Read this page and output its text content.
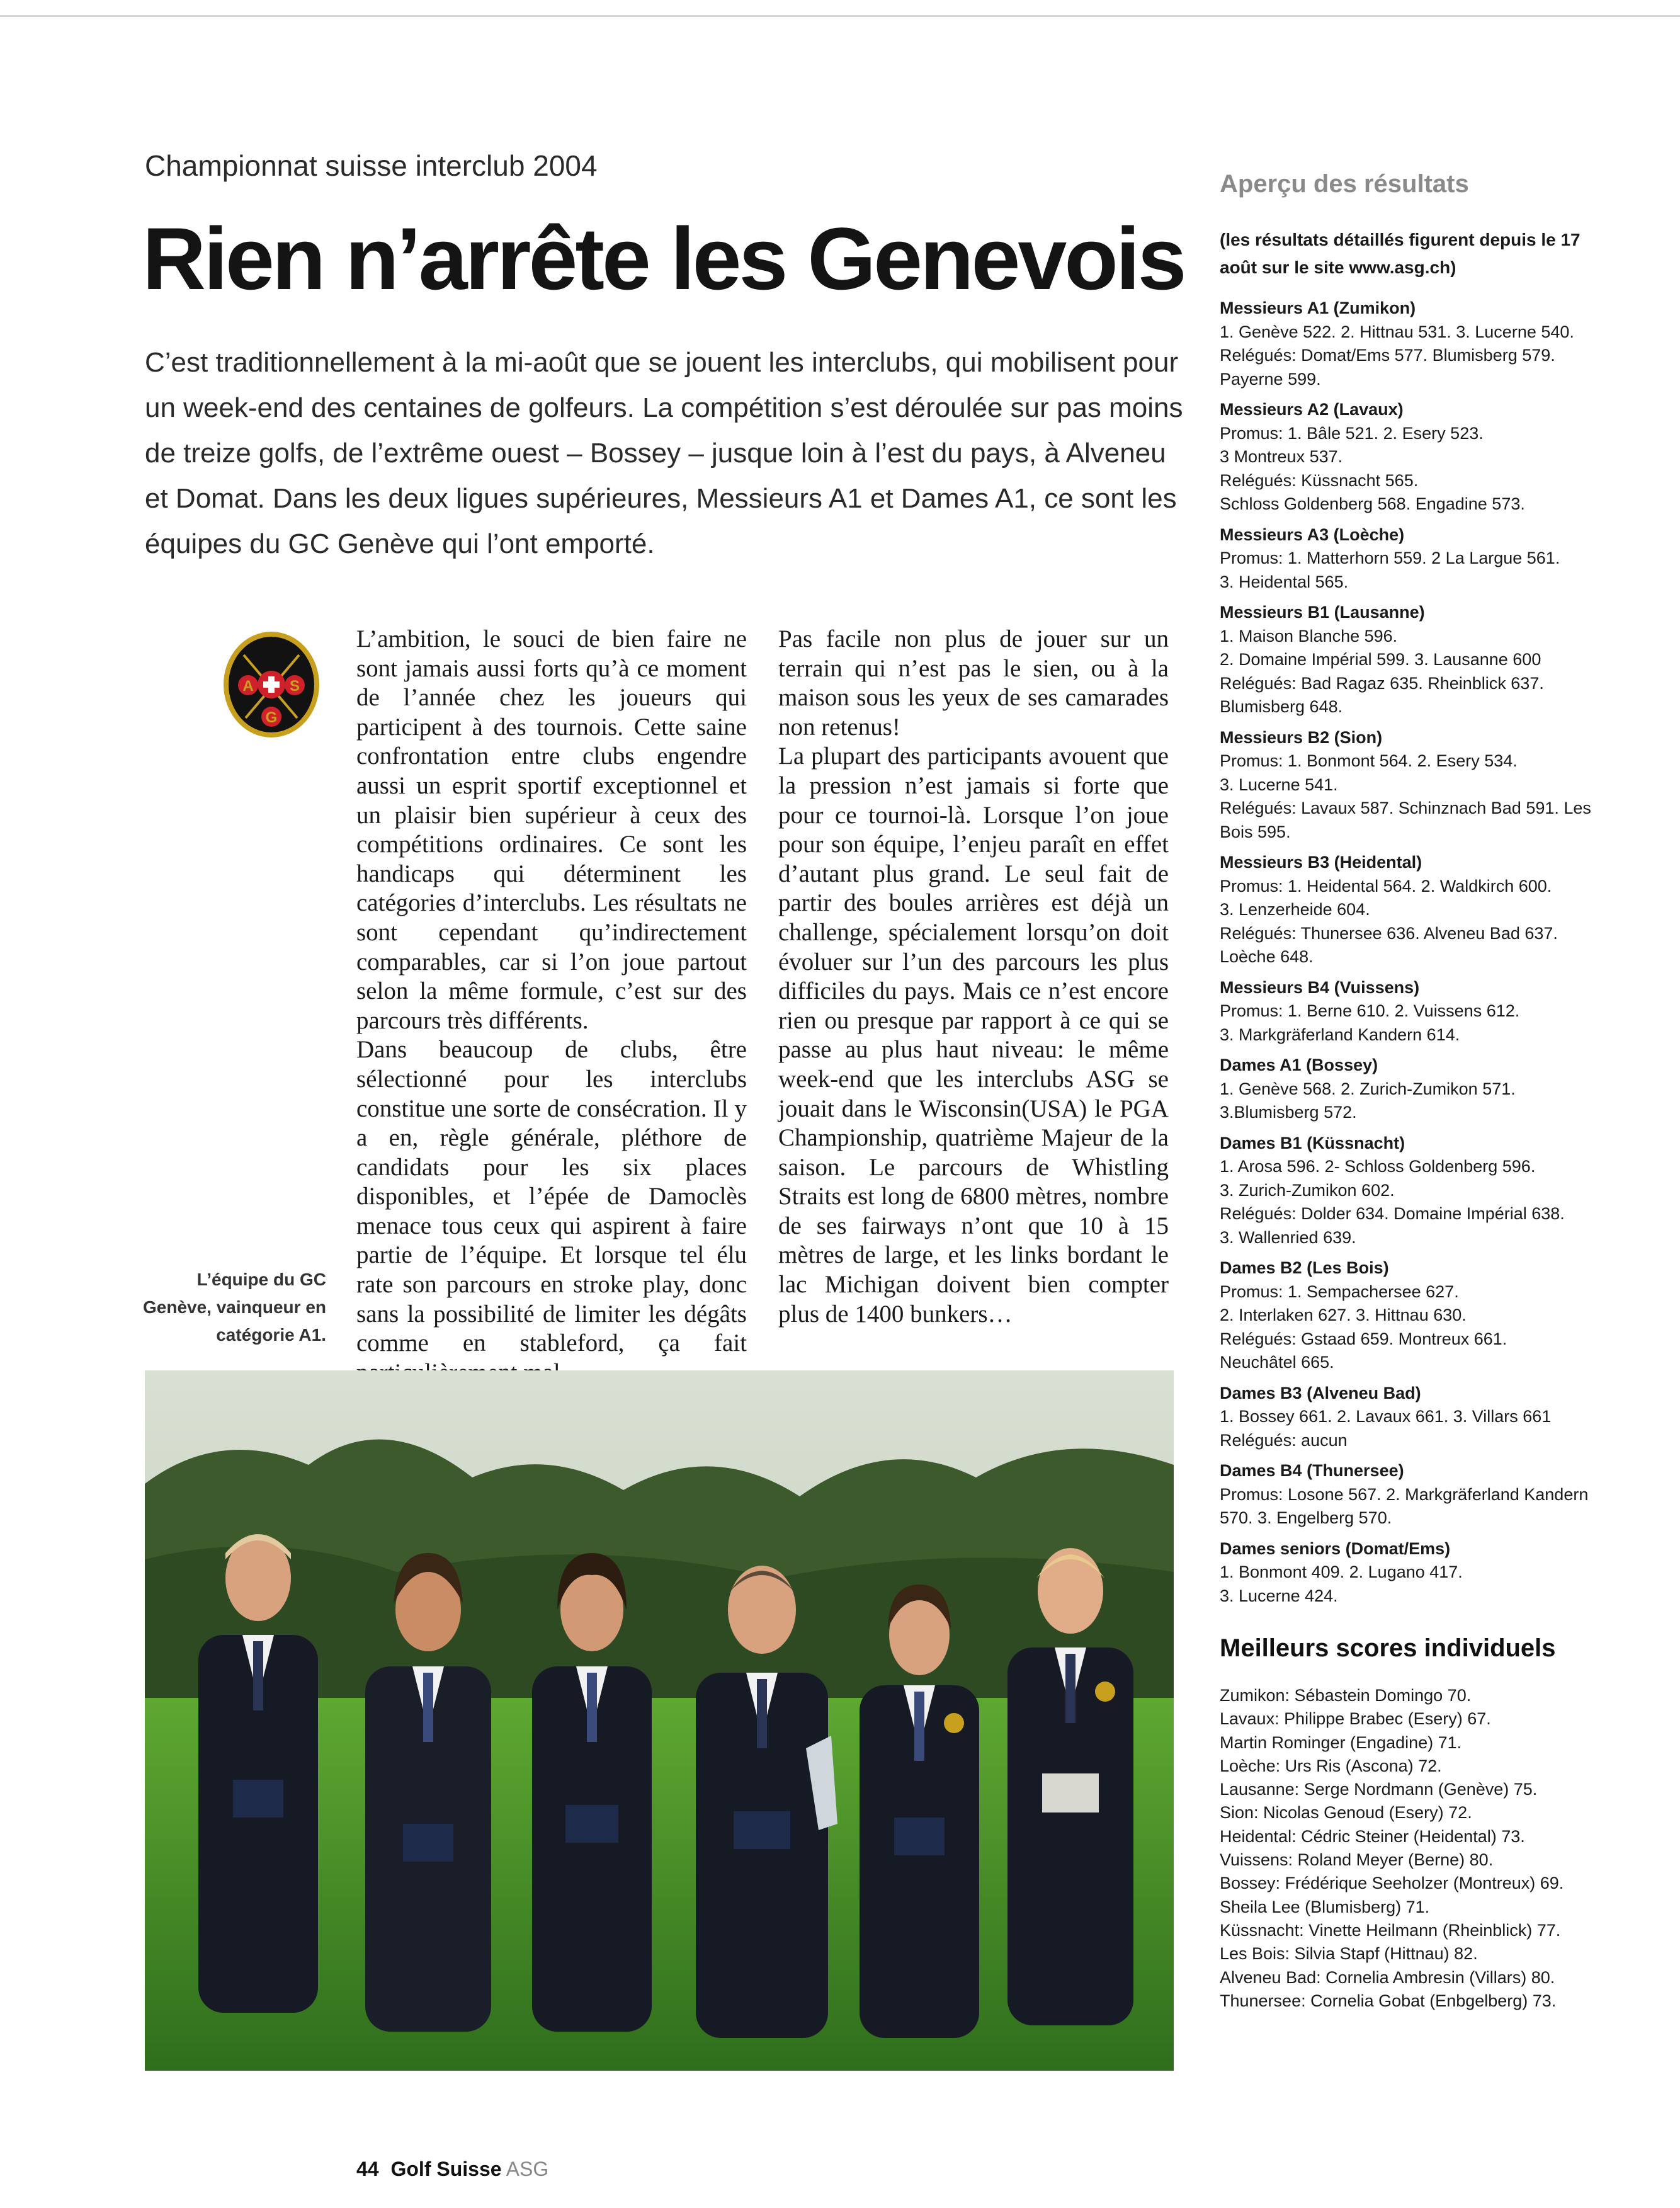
Championnat suisse interclub 2004
Rien n’arrête les Genevois
C’est traditionnellement à la mi-août que se jouent les interclubs, qui mobilisent pour un week-end des centaines de golfeurs. La compétition s’est déroulée sur pas moins de treize golfs, de l’extrême ouest – Bossey – jusque loin à l’est du pays, à Alveneu et Domat. Dans les deux ligues supérieures, Messieurs A1 et Dames A1, ce sont les équipes du GC Genève qui l’ont emporté.
A S
G
L’équipe du GC Genève, vainqueur en catégorie A1.

L’ambition, le souci de bien faire ne sont jamais aussi forts qu’à ce moment de l’année chez les joueurs qui participent à des tournois. Cette saine confrontation entre clubs engendre aussi un esprit sportif exceptionnel et un plaisir bien supérieur à ceux des compétitions ordinaires. Ce sont les handicaps qui déterminent les catégories d’interclubs. Les résultats ne sont cependant qu’indirectement comparables, car si l’on joue partout selon la même formule, c’est sur des parcours très différents.

Dans beaucoup de clubs, être sélectionné pour les interclubs constitue une sorte de consécration. Il y a en, règle générale, pléthore de candidats pour les six places disponibles, et l’épée de Damoclès menace tous ceux qui aspirent à faire partie de l’équipe. Et lorsque tel élu rate son parcours en stroke play, donc sans la possibilité de limiter les dégâts comme en stableford, ça fait

Pas facile non plus de jouer sur un terrain qui n’est pas le sien, ou à la maison sous les yeux de ses camarades non retenus!

La plupart des participants avouent que la pression n’est jamais si forte que pour ce tournoi-là. Lorsque l’on joue pour son équipe, l’enjeu paraît en effet d’autant plus grand. Le seul fait de partir des boules arrières est déjà un challenge, spécialement lorsqu’on doit évoluer sur l’un des parcours les plus difficiles du pays. Mais ce n’est encore rien ou presque par rapport à ce qui se passe au plus haut niveau: le même week-end que les interclubs ASG se jouait dans le Wisconsin(USA) le PGA Championship, quatrième Majeur de la saison. Le parcours de Whistling Straits est long de 6800 mètres, nombre de ses fairways n’ont que 10 à 15 mètres de large, et les links bordant le lac Michigan doivent bien compter plus de 1400 bunkers…

Aperçu des résultats
(les résultats détaillés figurent depuis le 17 août sur le site www.asg.ch)
Messieurs A1 (Zumikon)
1. Genève 522. 2. Hittnau 531. 3. Lucerne 540.
Relégués: Domat/Ems 577. Blumisberg 579.
Payerne 599.
Messieurs A2 (Lavaux)
Promus: 1. Bâle 521. 2. Esery 523.
3 Montreux 537.
Relégués: Küssnacht 565.
Schloss Goldenberg 568. Engadine 573.
Messieurs A3 (Loèche)
Promus: 1. Matterhorn 559. 2 La Largue 561.
3. Heidental 565.
Messieurs B1 (Lausanne)
1. Maison Blanche 596.
2. Domaine Impérial 599. 3. Lausanne 600
Relégués: Bad Ragaz 635. Rheinblick 637.
Blumisberg 648.
Messieurs B2 (Sion)
Promus: 1. Bonmont 564. 2. Esery 534.
3. Lucerne 541.
Relégués: Lavaux 587. Schinznach Bad 591. Les
Bois 595.
Messieurs B3 (Heidental)
Promus: 1. Heidental 564. 2. Waldkirch 600.
3. Lenzerheide 604.
Relégués: Thunersee 636. Alveneu Bad 637.
Loèche 648.
Messieurs B4 (Vuissens)
Promus: 1. Berne 610. 2. Vuissens 612.
3. Markgräferland Kandern 614.
Dames A1 (Bossey)
1. Genève 568. 2. Zurich-Zumikon 571.
3.Blumisberg 572.
Dames B1 (Küssnacht)
1. Arosa 596. 2- Schloss Goldenberg 596.
3. Zurich-Zumikon 602.
Relégués: Dolder 634. Domaine Impérial 638.
3. Wallenried 639.
Dames B2 (Les Bois)
Promus: 1. Sempachersee 627.
2. Interlaken 627. 3. Hittnau 630.
Relégués: Gstaad 659. Montreux 661.
Neuchâtel 665.
Dames B3 (Alveneu Bad)
1. Bossey 661. 2. Lavaux 661. 3. Villars 661
Relégués: aucun
Dames B4 (Thunersee)
Promus: Losone 567. 2. Markgräferland Kandern
570. 3. Engelberg 570.
Dames seniors (Domat/Ems)
1. Bonmont 409. 2. Lugano 417.
3. Lucerne 424.
Meilleurs scores individuels
Zumikon: Sébastein Domingo 70.
Lavaux: Philippe Brabec (Esery) 67.
Martin Rominger (Engadine) 71.
Loèche: Urs Ris (Ascona) 72.
Lausanne: Serge Nordmann (Genève) 75.
Sion: Nicolas Genoud (Esery) 72.
Heidental: Cédric Steiner (Heidental) 73.
Vuissens: Roland Meyer (Berne) 80.
Bossey: Frédérique Seeholzer (Montreux) 69.
Sheila Lee (Blumisberg) 71.
Küssnacht: Vinette Heilmann (Rheinblick) 77.
Les Bois: Silvia Stapf (Hittnau) 82.
Alveneu Bad: Cornelia Ambresin (Villars) 80.
Thunersee: Cornelia Gobat (Enbgelberg) 73.
44 Golf Suisse ASG
